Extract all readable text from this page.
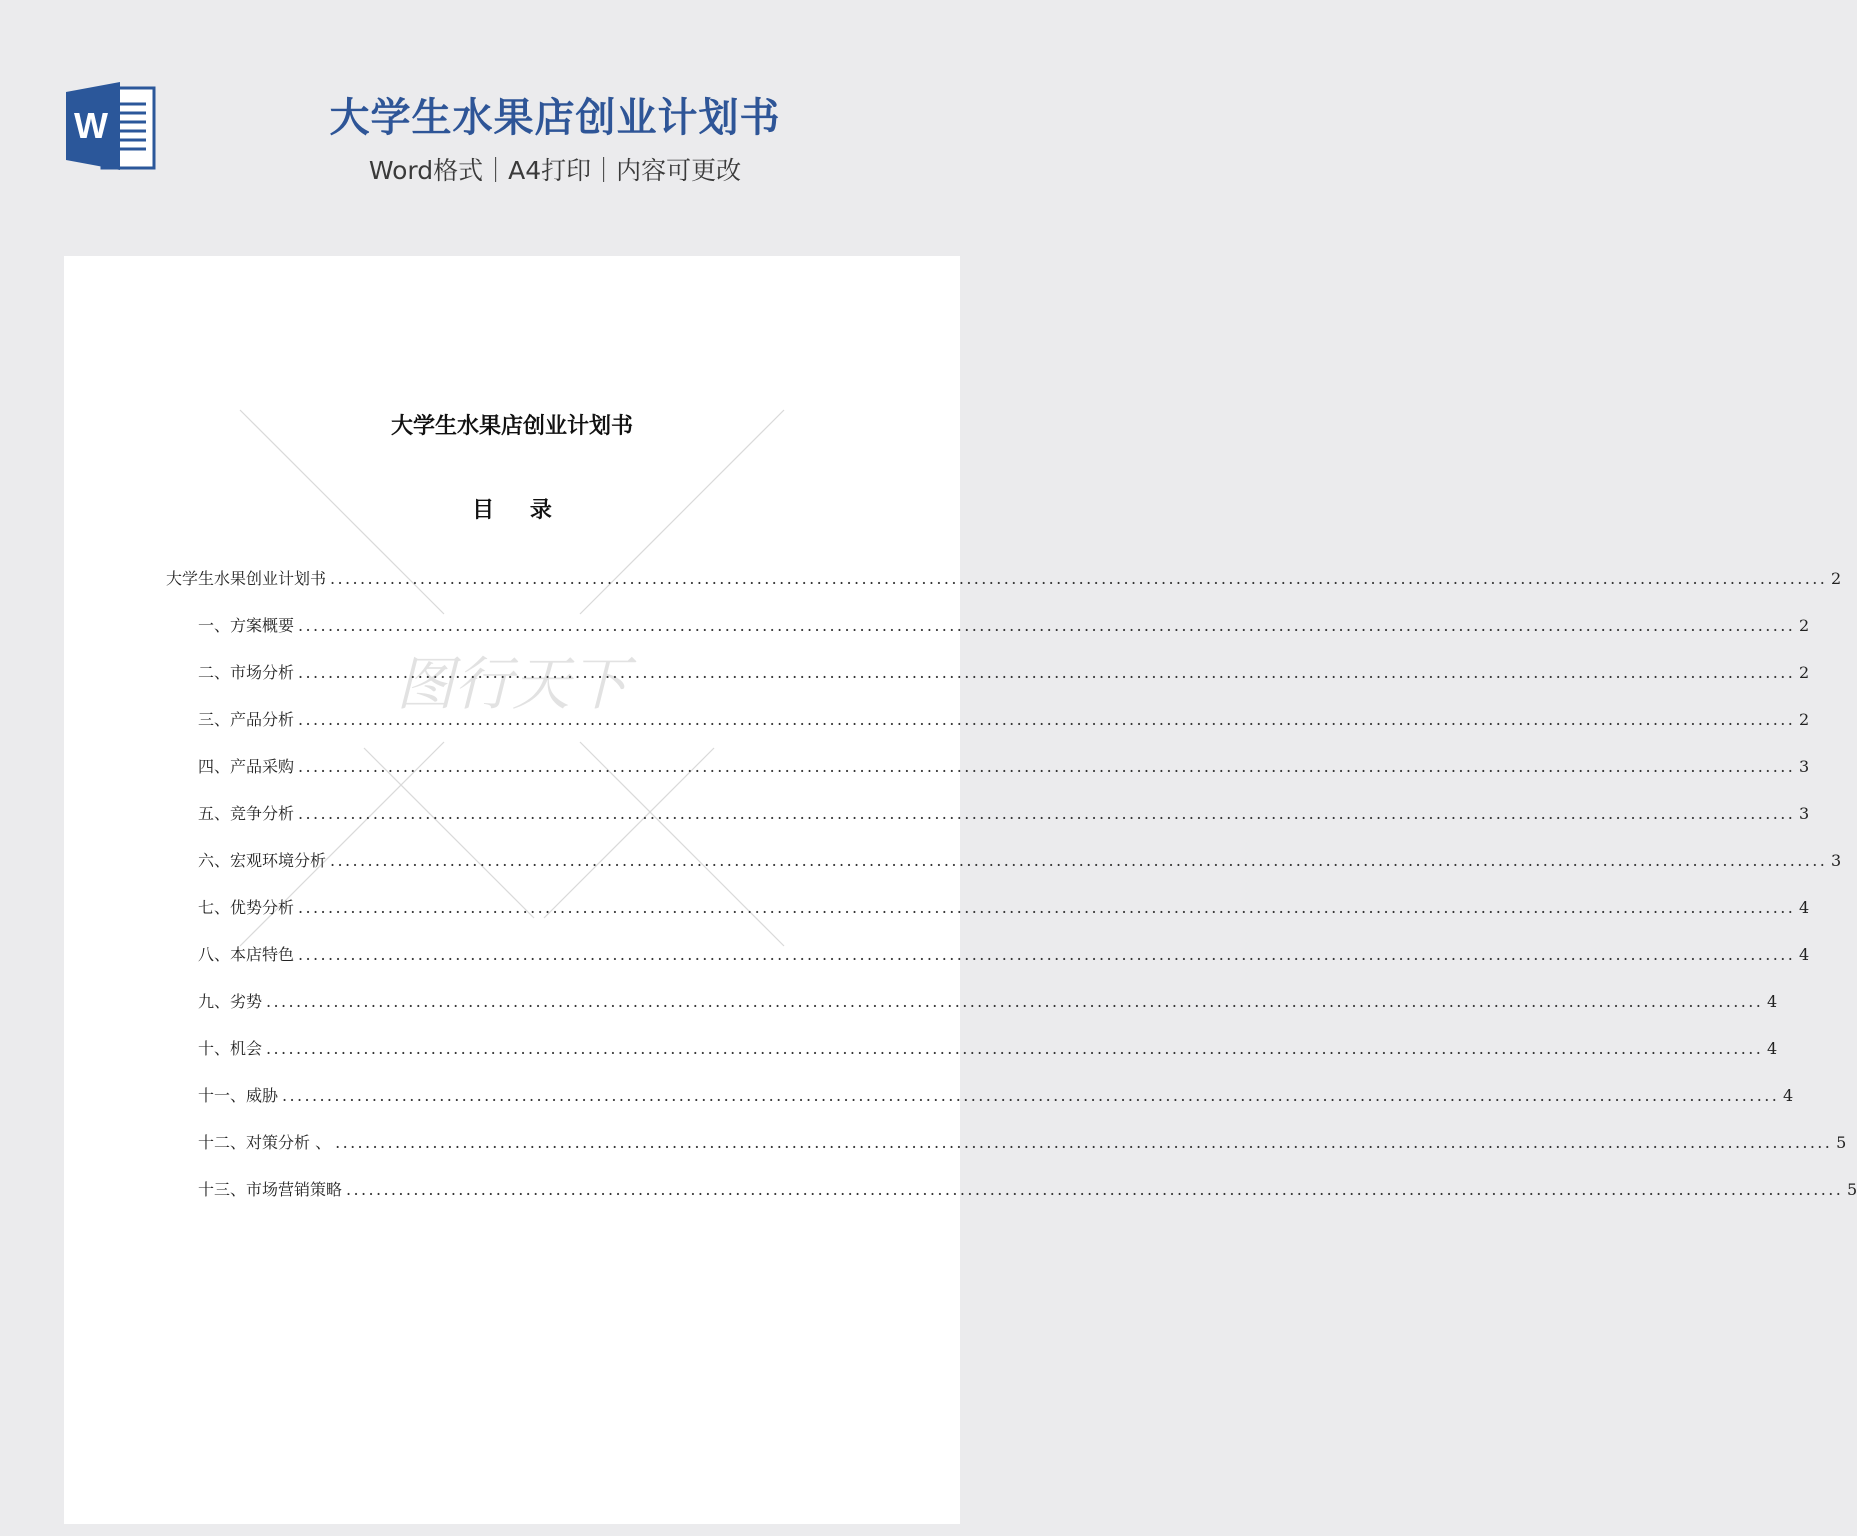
W	大学生水果店创业计划书
Word格式｜A4打印｜内容可更改
图行天下
大学生水果店创业计划书
目 录
大学生水果创业计划书 ........................................................................................................................................................................................................ 2
一、方案概要 ........................................................................................................................................................................................................ 2
二、市场分析 ........................................................................................................................................................................................................ 2
三、产品分析 ........................................................................................................................................................................................................ 2
四、产品采购 ........................................................................................................................................................................................................ 3
五、竞争分析 ........................................................................................................................................................................................................ 3
六、宏观环境分析 ........................................................................................................................................................................................................ 3
七、优势分析 ........................................................................................................................................................................................................ 4
八、本店特色 ........................................................................................................................................................................................................ 4
九、劣势 ........................................................................................................................................................................................................ 4
十、机会 ........................................................................................................................................................................................................ 4
十一、威胁 ........................................................................................................................................................................................................ 4
十二、对策分析 、 ........................................................................................................................................................................................................ 5
十三、市场营销策略 ........................................................................................................................................................................................................ 5
